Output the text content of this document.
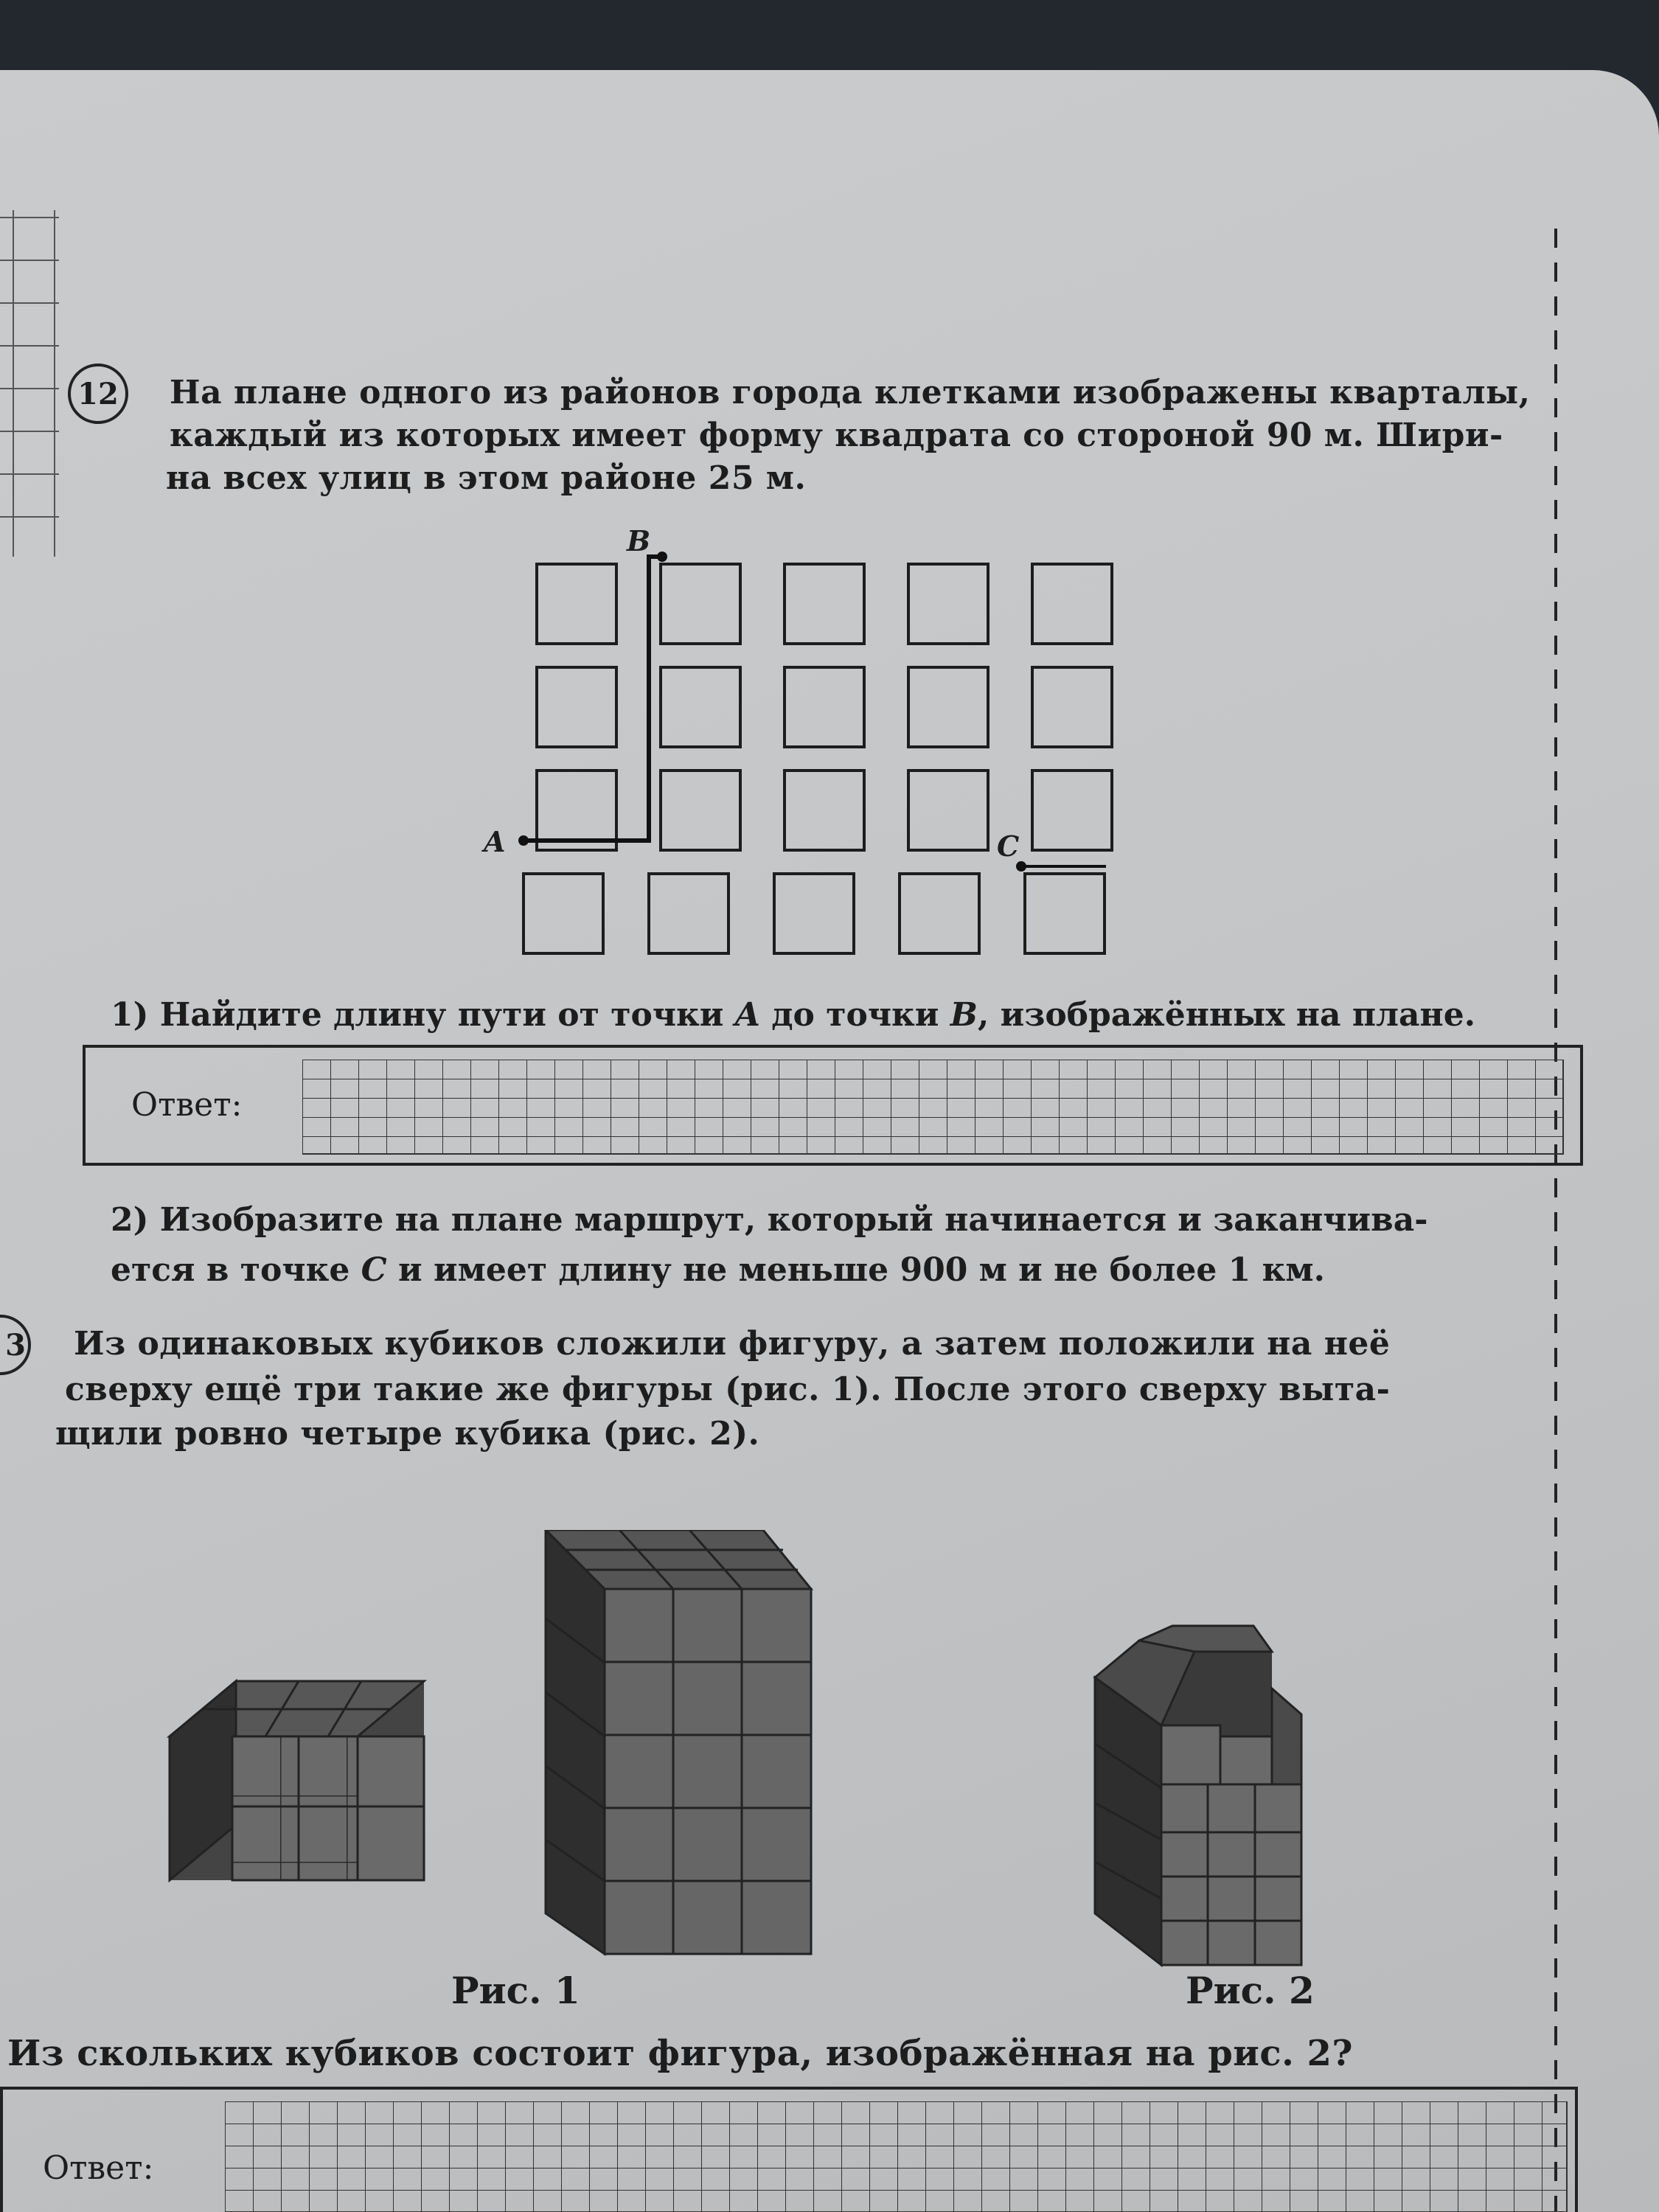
12 На плане одного из районов города клетками изображены кварталы,
каждый из которых имеет форму квадрата со стороной 90 м. Шири-
на всех улиц в этом районе 25 м.
A
B
C
1) Найдите длину пути от точки A до точки B, изображённых на плане.
Ответ:
2) Изобразите на плане маршрут, который начинается и заканчива-
ется в точке C и имеет длину не меньше 900 м и не более 1 км.
3 Из одинаковых кубиков сложили фигуру, а затем положили на неё
сверху ещё три такие же фигуры (рис. 1). После этого сверху выта-
щили ровно четыре кубика (рис. 2).
Рис. 1	Рис. 2
Из скольких кубиков состоит фигура, изображённая на рис. 2?
Ответ:
